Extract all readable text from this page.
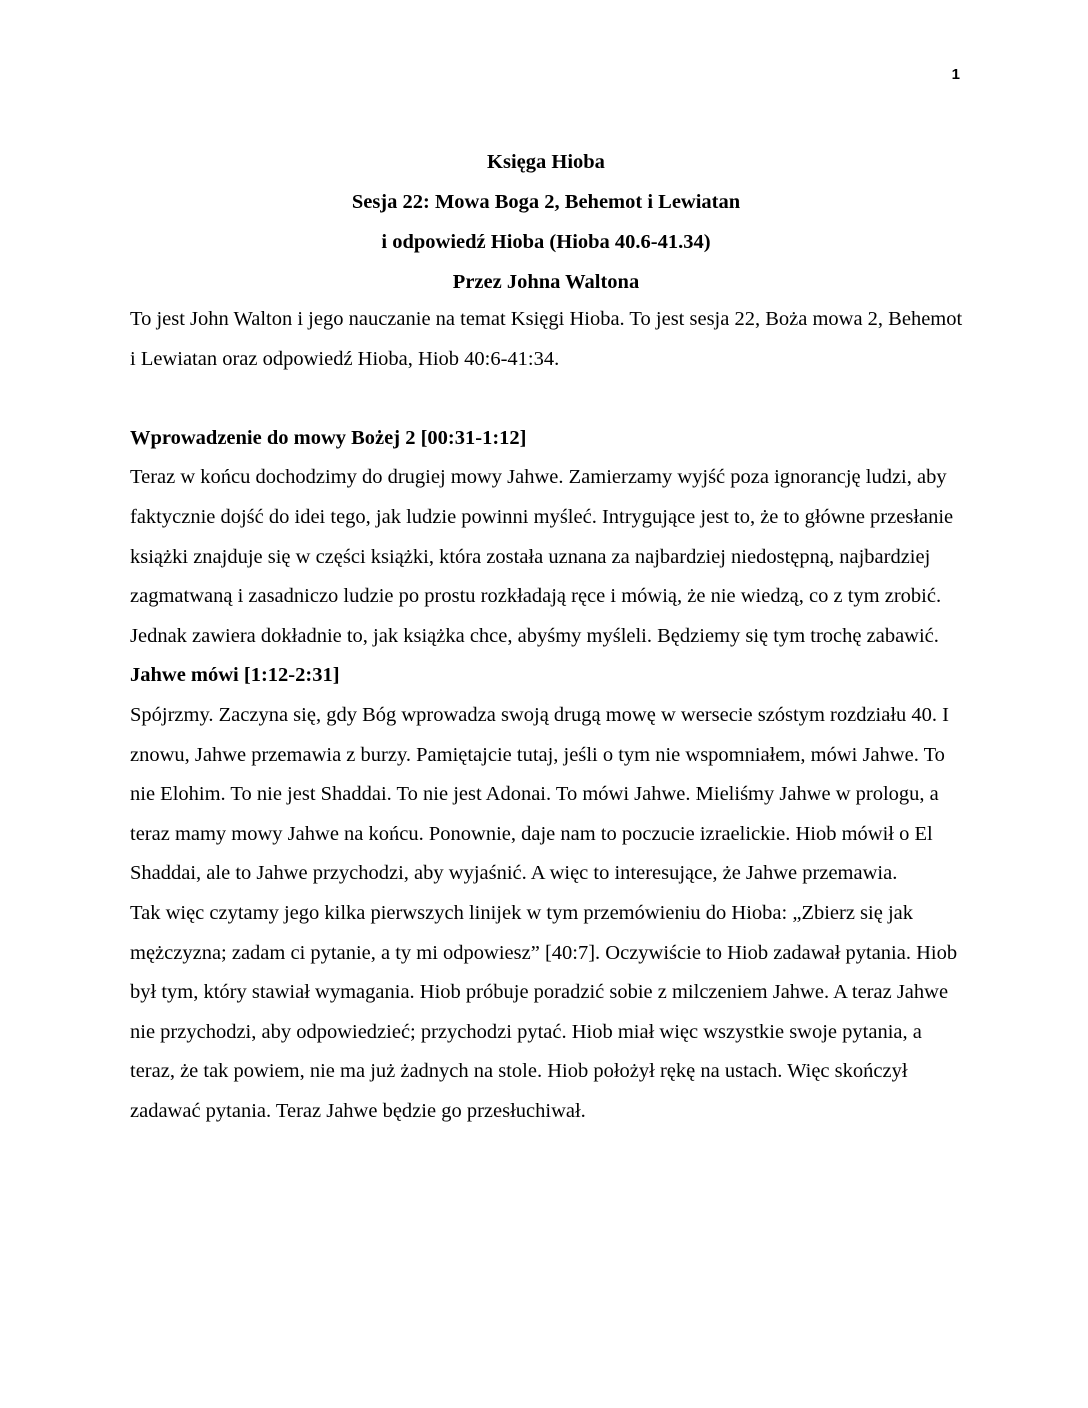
1
Księga Hioba
Sesja 22: Mowa Boga 2, Behemot i Lewiatan
i odpowiedź Hioba (Hioba 40.6-41.34)
Przez Johna Waltona

To jest John Walton i jego nauczanie na temat Księgi Hioba. To jest sesja 22, Boża mowa 2, Behemot i Lewiatan oraz odpowiedź Hioba, Hiob 40:6-41:34.

Wprowadzenie do mowy Bożej 2 [00:31-1:12]

Teraz w końcu dochodzimy do drugiej mowy Jahwe. Zamierzamy wyjść poza ignorancję ludzi, aby faktycznie dojść do idei tego, jak ludzie powinni myśleć. Intrygujące jest to, że to główne przesłanie książki znajduje się w części książki, która została uznana za najbardziej niedostępną, najbardziej zagmatwaną i zasadniczo ludzie po prostu rozkładają ręce i mówią, że nie wiedzą, co z tym zrobić. Jednak zawiera dokładnie to, jak książka chce, abyśmy myśleli. Będziemy się tym trochę zabawić.

Jahwe mówi [1:12-2:31]

Spójrzmy. Zaczyna się, gdy Bóg wprowadza swoją drugą mowę w wersecie szóstym rozdziału 40. I znowu, Jahwe przemawia z burzy. Pamiętajcie tutaj, jeśli o tym nie wspomniałem, mówi Jahwe. To nie Elohim. To nie jest Shaddai. To nie jest Adonai. To mówi Jahwe. Mieliśmy Jahwe w prologu, a teraz mamy mowy Jahwe na końcu. Ponownie, daje nam to poczucie izraelickie. Hiob mówił o El Shaddai, ale to Jahwe przychodzi, aby wyjaśnić. A więc to interesujące, że Jahwe przemawia.

Tak więc czytamy jego kilka pierwszych linijek w tym przemówieniu do Hioba: „Zbierz się jak mężczyzna; zadam ci pytanie, a ty mi odpowiesz” [40:7]. Oczywiście to Hiob zadawał pytania. Hiob był tym, który stawiał wymagania. Hiob próbuje poradzić sobie z milczeniem Jahwe. A teraz Jahwe nie przychodzi, aby odpowiedzieć; przychodzi pytać. Hiob miał więc wszystkie swoje pytania, a teraz, że tak powiem, nie ma już żadnych na stole. Hiob położył rękę na ustach. Więc skończył zadawać pytania. Teraz Jahwe będzie go przesłuchiwał.
